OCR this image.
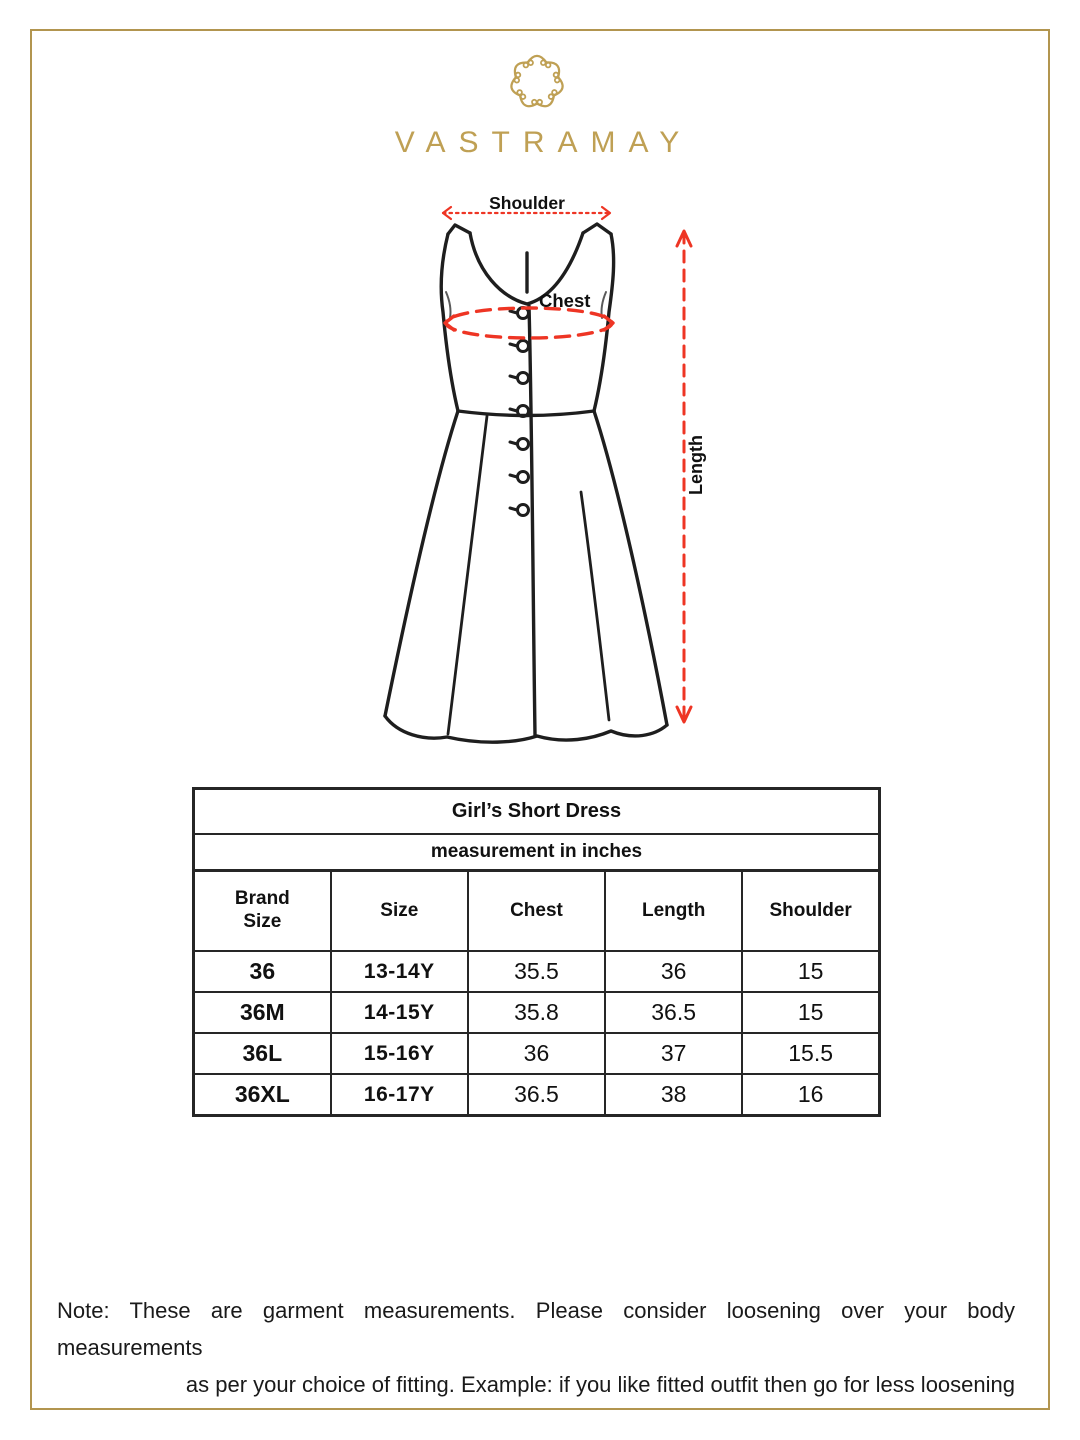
VASTRAMAY
Shoulder
Chest
Length
Girl’s Short Dress				
measurement in inches				
Brand Size	Size	Chest	Length	Shoulder
36	13-14Y	35.5	36	15
36M	14-15Y	35.8	36.5	15
36L	15-16Y	36	37	15.5
36XL	16-17Y	36.5	38	16
Note: These are garment measurements. Please consider loosening over your body measurements
as per your choice of fitting. Example: if you like fitted outfit then go for less loosening
